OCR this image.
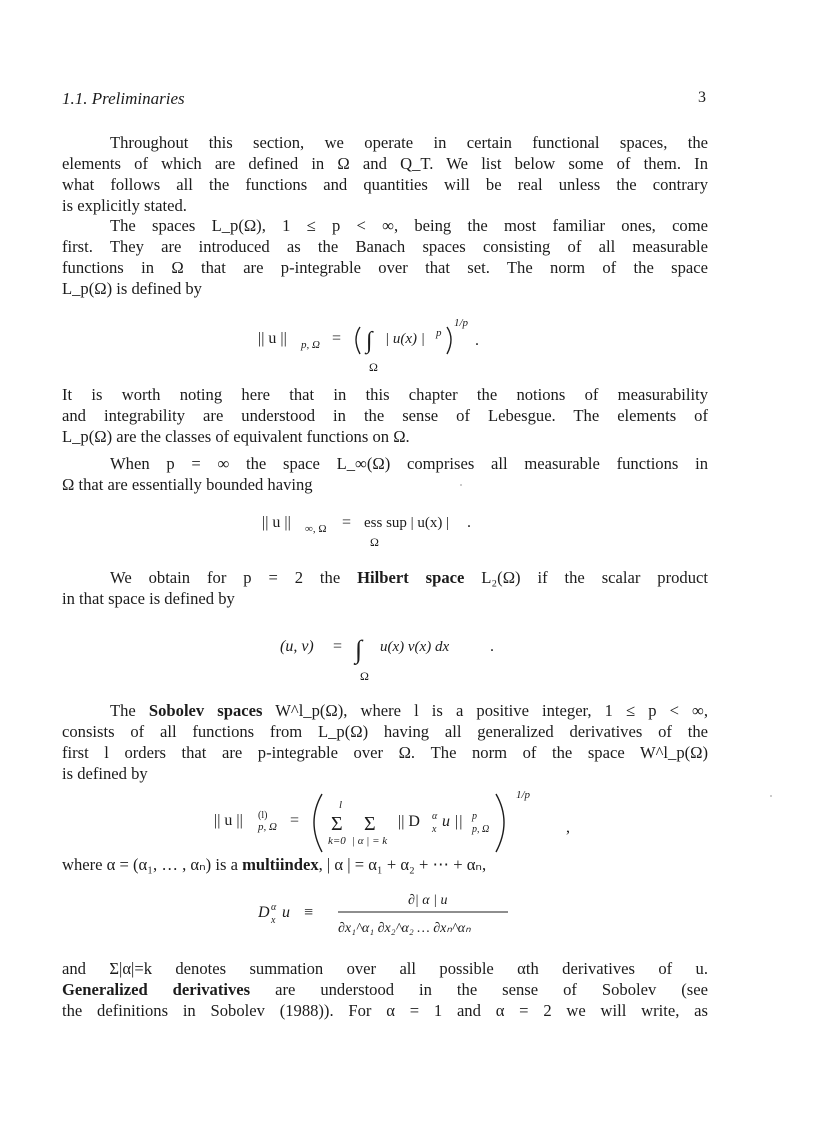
1.1. Preliminaries	3
Throughout this section, we operate in certain functional spaces, the
elements of which are defined in Ω and Q_T. We list below some of them. In
what follows all the functions and quantities will be real unless the contrary
is explicitly stated.
The spaces L_p(Ω), 1 ≤ p < ∞, being the most familiar ones, come
first. They are introduced as the Banach spaces consisting of all measurable
functions in Ω that are p-integrable over that set. The norm of the space
L_p(Ω) is defined by
|| u || p, Ω = ∫
Ω
| u(x) | p
1/p
.
It is worth noting here that in this chapter the notions of measurability
and integrability are understood in the sense of Lebesgue. The elements of
L_p(Ω) are the classes of equivalent functions on Ω.
When p = ∞ the space L_∞(Ω) comprises all measurable functions in
Ω that are essentially bounded having
|| u || ∞, Ω = ess sup | u(x) |
Ω
.
We obtain for p = 2 the Hilbert space L₂(Ω) if the scalar product
in that space is defined by
(u, v) = ∫
Ω
u(x) v(x) dx	.
The Sobolev spaces W^l_p(Ω), where l is a positive integer, 1 ≤ p < ∞,
consists of all functions from L_p(Ω) having all generalized derivatives of the
first l orders that are p-integrable over Ω. The norm of the space W^l_p(Ω)
is defined by
|| u || (l)
p, Ω =
l
Σ
k=0
Σ
| α | = k
|| D α
x u || p
p, Ω
1/p
,
where α = (α₁, … , αₙ) is a multiindex, | α | = α₁ + α₂ + ⋯ + αₙ,
D α
x u ≡
∂| α | u
∂x₁^α₁ ∂x₂^α₂ … ∂xₙ^αₙ
and Σ|α|=k denotes summation over all possible αth derivatives of u.
Generalized derivatives are understood in the sense of Sobolev (see
the definitions in Sobolev (1988)). For α = 1 and α = 2 we will write, as
